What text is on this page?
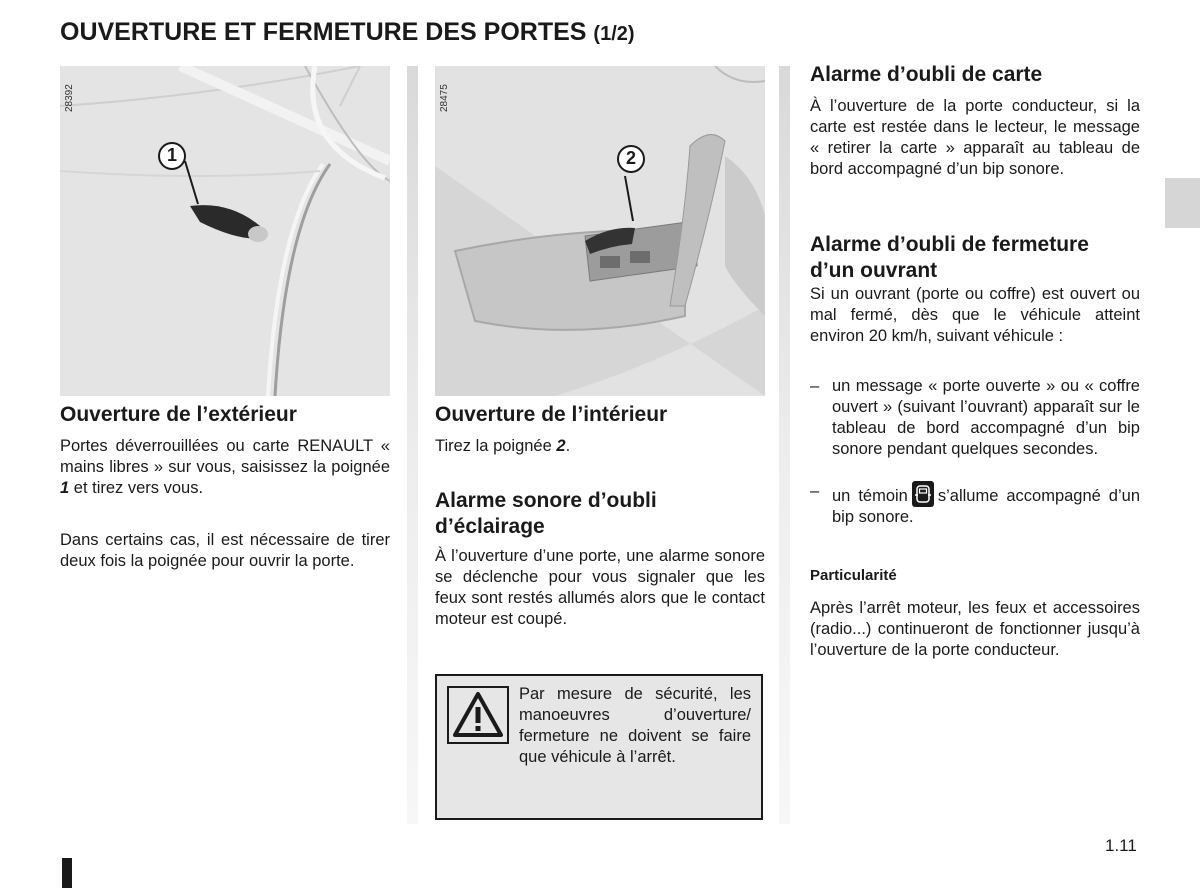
OUVERTURE ET FERMETURE DES PORTES (1/2)
1
28392
2
28475
Ouverture de l’extérieur

Portes déverrouillées ou carte RENAULT « mains libres » sur vous, saisissez la poignée 1 et tirez vers vous.

Dans certains cas, il est nécessaire de tirer deux fois la poignée pour ouvrir la porte.

Ouverture de l’intérieur

Tirez la poignée 2.

Alarme sonore d’oubli
d’éclairage

À l’ouverture d’une porte, une alarme sonore se déclenche pour vous signaler que les feux sont restés allumés alors que le contact moteur est coupé.

Par mesure de sécurité, les manoeuvres d’ouverture/ fermeture ne doivent se faire que véhicule à l’arrêt.

Alarme d’oubli de carte

À l’ouverture de la porte conducteur, si la carte est restée dans le lecteur, le message « retirer la carte » apparaît au tableau de bord accompagné d’un bip sonore.

Alarme d’oubli de fermeture
d’un ouvrant

Si un ouvrant (porte ou coffre) est ouvert ou mal fermé, dès que le véhicule atteint environ 20 km/h, suivant véhicule :

– un message « porte ouverte » ou « coffre ouvert » (suivant l’ouvrant) apparaît sur le tableau de bord accompagné d’un bip sonore pendant quelques secondes.
– un témoin s’allume accompagné d’un bip sonore.
Particularité

Après l’arrêt moteur, les feux et accessoires (radio...) continueront de fonctionner jusqu’à l’ouverture de la porte conducteur.

1.11
